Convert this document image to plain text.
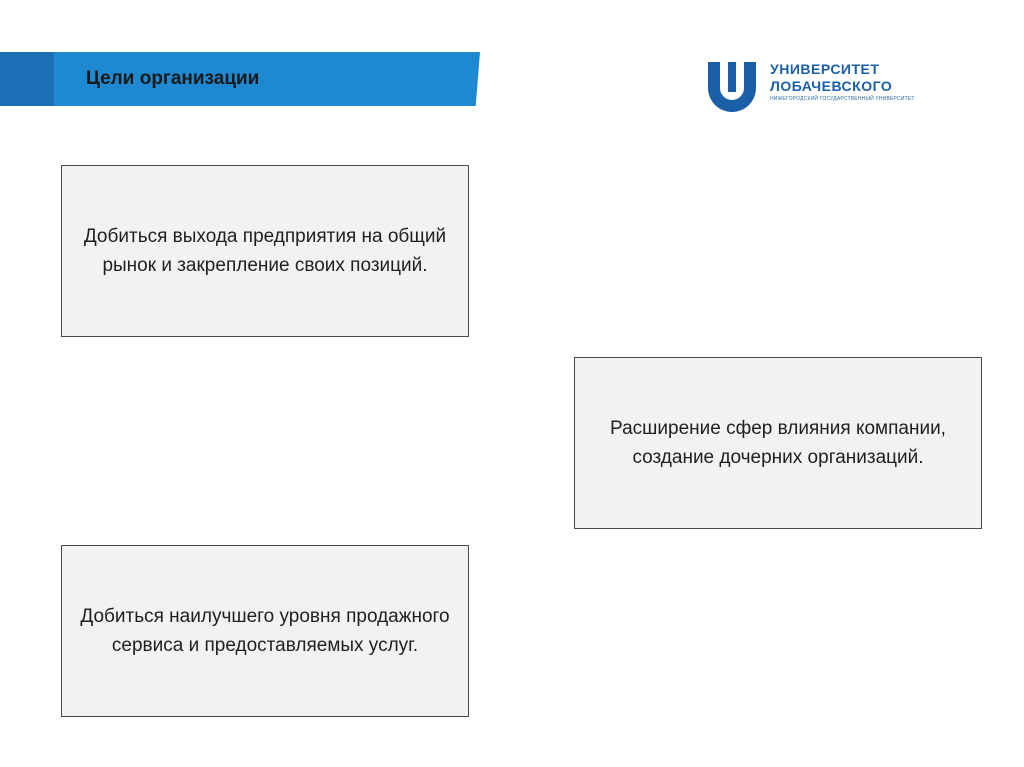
Цели организации	УНИВЕРСИТЕТ
ЛОБАЧЕВСКОГО
НИЖЕГОРОДСКИЙ ГОСУДАРСТВЕННЫЙ УНИВЕРСИТЕТ
Добиться выхода предприятия на общий рынок и закрепление своих позиций.
Расширение сфер влияния компании, создание дочерних организаций.
Добиться наилучшего уровня продажного сервиса и предоставляемых услуг.
